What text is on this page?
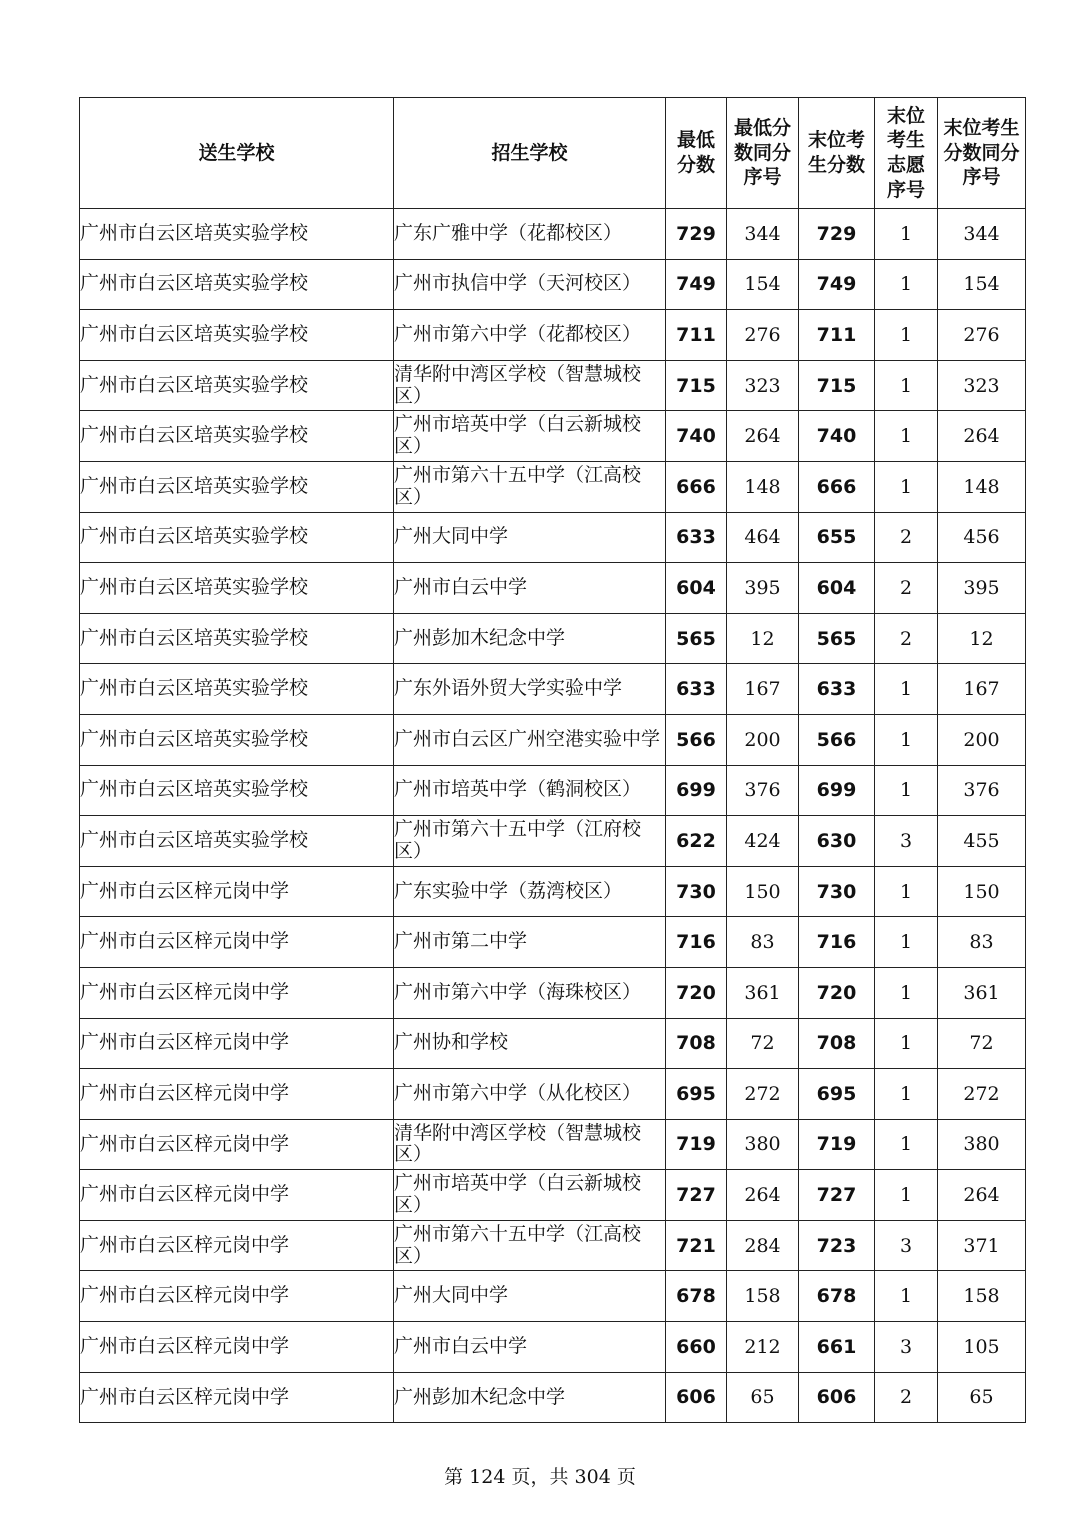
送生学校	招生学校	最低分数	最低分数同分序号	末位考生分数	末位考生志愿序号	末位考生分数同分序号

广州市白云区培英实验学校	广东广雅中学（花都校区）	729	344	729	1	344
广州市白云区培英实验学校	广州市执信中学（天河校区）	749	154	749	1	154
广州市白云区培英实验学校	广州市第六中学（花都校区）	711	276	711	1	276
广州市白云区培英实验学校	清华附中湾区学校（智慧城校区）	715	323	715	1	323
广州市白云区培英实验学校	广州市培英中学（白云新城校区）	740	264	740	1	264
广州市白云区培英实验学校	广州市第六十五中学（江高校区）	666	148	666	1	148
广州市白云区培英实验学校	广州大同中学	633	464	655	2	456
广州市白云区培英实验学校	广州市白云中学	604	395	604	2	395
广州市白云区培英实验学校	广州彭加木纪念中学	565	12	565	2	12
广州市白云区培英实验学校	广东外语外贸大学实验中学	633	167	633	1	167
广州市白云区培英实验学校	广州市白云区广州空港实验中学	566	200	566	1	200
广州市白云区培英实验学校	广州市培英中学（鹤洞校区）	699	376	699	1	376
广州市白云区培英实验学校	广州市第六十五中学（江府校区）	622	424	630	3	455
广州市白云区梓元岗中学	广东实验中学（荔湾校区）	730	150	730	1	150
广州市白云区梓元岗中学	广州市第二中学	716	83	716	1	83
广州市白云区梓元岗中学	广州市第六中学（海珠校区）	720	361	720	1	361
广州市白云区梓元岗中学	广州协和学校	708	72	708	1	72
广州市白云区梓元岗中学	广州市第六中学（从化校区）	695	272	695	1	272
广州市白云区梓元岗中学	清华附中湾区学校（智慧城校区）	719	380	719	1	380
广州市白云区梓元岗中学	广州市培英中学（白云新城校区）	727	264	727	1	264
广州市白云区梓元岗中学	广州市第六十五中学（江高校区）	721	284	723	3	371
广州市白云区梓元岗中学	广州大同中学	678	158	678	1	158
广州市白云区梓元岗中学	广州市白云中学	660	212	661	3	105
广州市白云区梓元岗中学	广州彭加木纪念中学	606	65	606	2	65
第 124 页，共 304 页
